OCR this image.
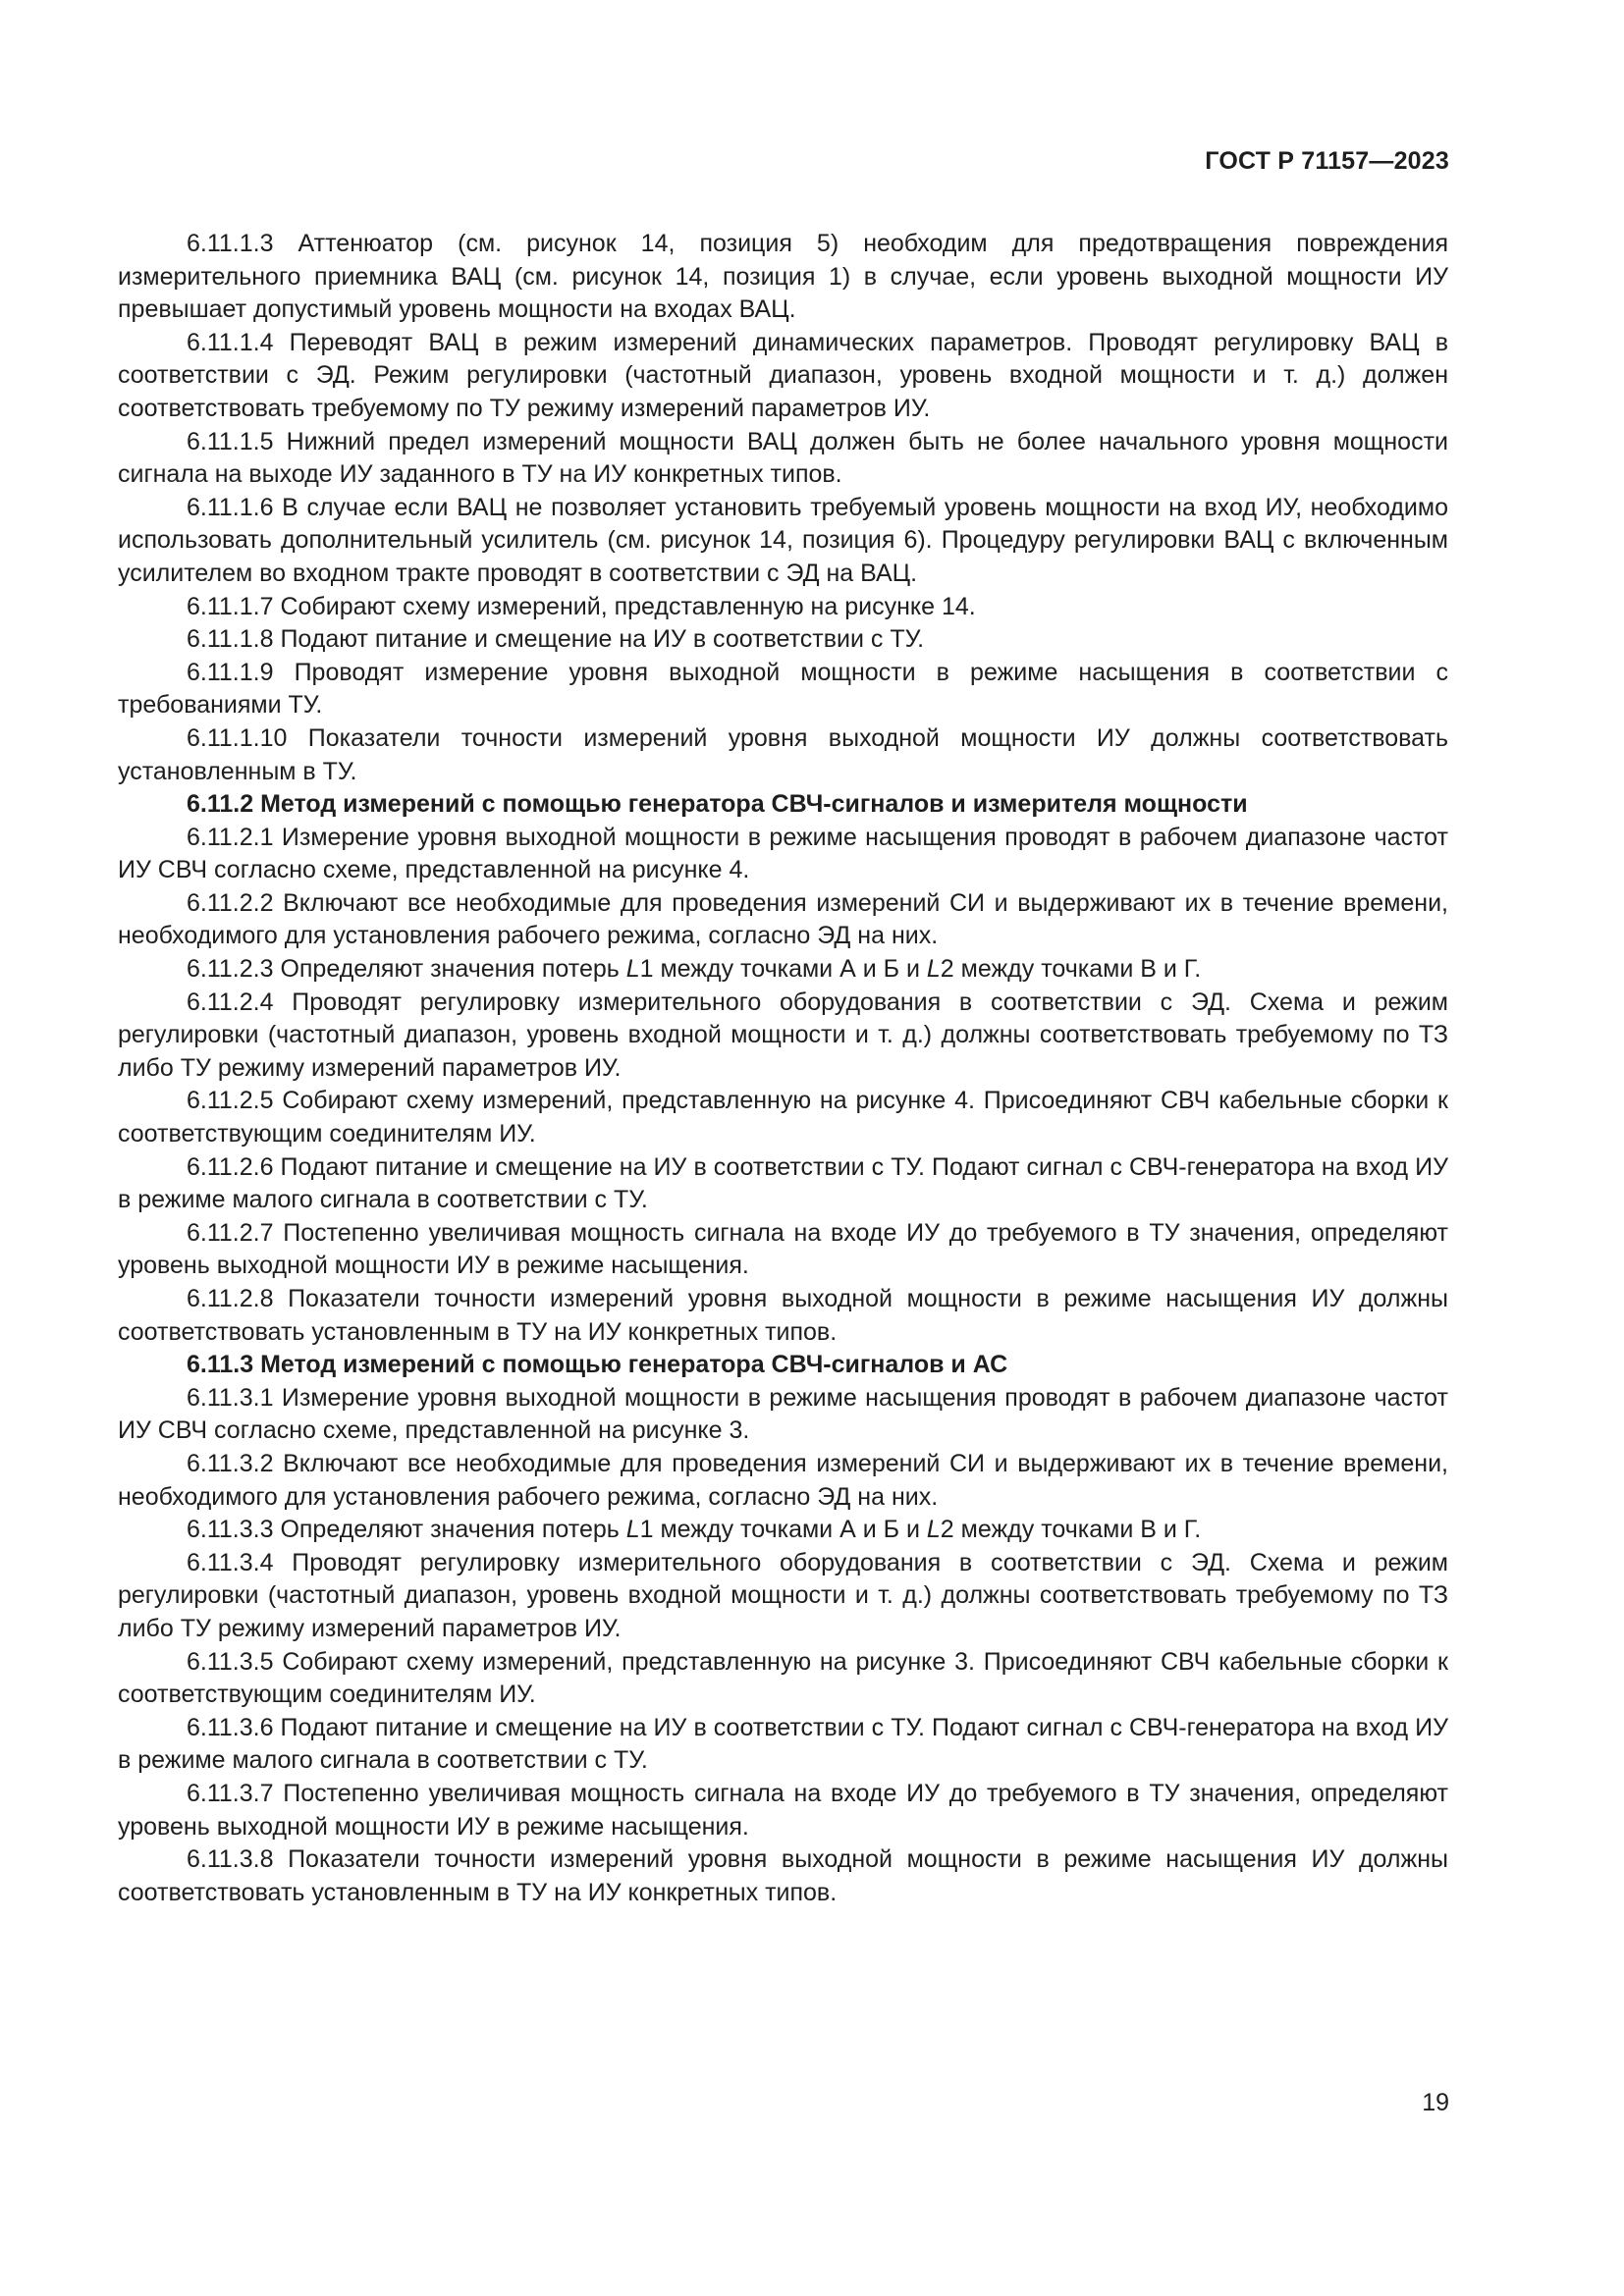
ГОСТ Р 71157—2023

6.11.1.3 Аттенюатор (см. рисунок 14, позиция 5) необходим для предотвращения повреждения измерительного приемника ВАЦ (см. рисунок 14, позиция 1) в случае, если уровень выходной мощности ИУ превышает допустимый уровень мощности на входах ВАЦ.

6.11.1.4 Переводят ВАЦ в режим измерений динамических параметров. Проводят регулировку ВАЦ в соответствии с ЭД. Режим регулировки (частотный диапазон, уровень входной мощности и т. д.) должен соответствовать требуемому по ТУ режиму измерений параметров ИУ.

6.11.1.5 Нижний предел измерений мощности ВАЦ должен быть не более начального уровня мощности сигнала на выходе ИУ заданного в ТУ на ИУ конкретных типов.

6.11.1.6 В случае если ВАЦ не позволяет установить требуемый уровень мощности на вход ИУ, необходимо использовать дополнительный усилитель (см. рисунок 14, позиция 6). Процедуру регулировки ВАЦ с включенным усилителем во входном тракте проводят в соответствии с ЭД на ВАЦ.

6.11.1.7 Собирают схему измерений, представленную на рисунке 14.

6.11.1.8 Подают питание и смещение на ИУ в соответствии с ТУ.

6.11.1.9 Проводят измерение уровня выходной мощности в режиме насыщения в соответствии с требованиями ТУ.

6.11.1.10 Показатели точности измерений уровня выходной мощности ИУ должны соответствовать установленным в ТУ.

6.11.2 Метод измерений с помощью генератора СВЧ-сигналов и измерителя мощности

6.11.2.1 Измерение уровня выходной мощности в режиме насыщения проводят в рабочем диапазоне частот ИУ СВЧ согласно схеме, представленной на рисунке 4.

6.11.2.2 Включают все необходимые для проведения измерений СИ и выдерживают их в течение времени, необходимого для установления рабочего режима, согласно ЭД на них.

6.11.2.3 Определяют значения потерь L1 между точками А и Б и L2 между точками В и Г.

6.11.2.4 Проводят регулировку измерительного оборудования в соответствии с ЭД. Схема и режим регулировки (частотный диапазон, уровень входной мощности и т. д.) должны соответствовать требуемому по ТЗ либо ТУ режиму измерений параметров ИУ.

6.11.2.5 Собирают схему измерений, представленную на рисунке 4. Присоединяют СВЧ кабельные сборки к соответствующим соединителям ИУ.

6.11.2.6 Подают питание и смещение на ИУ в соответствии с ТУ. Подают сигнал с СВЧ-генератора на вход ИУ в режиме малого сигнала в соответствии с ТУ.

6.11.2.7 Постепенно увеличивая мощность сигнала на входе ИУ до требуемого в ТУ значения, определяют уровень выходной мощности ИУ в режиме насыщения.

6.11.2.8 Показатели точности измерений уровня выходной мощности в режиме насыщения ИУ должны соответствовать установленным в ТУ на ИУ конкретных типов.

6.11.3 Метод измерений с помощью генератора СВЧ-сигналов и АС

6.11.3.1 Измерение уровня выходной мощности в режиме насыщения проводят в рабочем диапазоне частот ИУ СВЧ согласно схеме, представленной на рисунке 3.

6.11.3.2 Включают все необходимые для проведения измерений СИ и выдерживают их в течение времени, необходимого для установления рабочего режима, согласно ЭД на них.

6.11.3.3 Определяют значения потерь L1 между точками А и Б и L2 между точками В и Г.

6.11.3.4 Проводят регулировку измерительного оборудования в соответствии с ЭД. Схема и режим регулировки (частотный диапазон, уровень входной мощности и т. д.) должны соответствовать требуемому по ТЗ либо ТУ режиму измерений параметров ИУ.

6.11.3.5 Собирают схему измерений, представленную на рисунке 3. Присоединяют СВЧ кабельные сборки к соответствующим соединителям ИУ.

6.11.3.6 Подают питание и смещение на ИУ в соответствии с ТУ. Подают сигнал с СВЧ-генератора на вход ИУ в режиме малого сигнала в соответствии с ТУ.

6.11.3.7 Постепенно увеличивая мощность сигнала на входе ИУ до требуемого в ТУ значения, определяют уровень выходной мощности ИУ в режиме насыщения.

6.11.3.8 Показатели точности измерений уровня выходной мощности в режиме насыщения ИУ должны соответствовать установленным в ТУ на ИУ конкретных типов.

19
